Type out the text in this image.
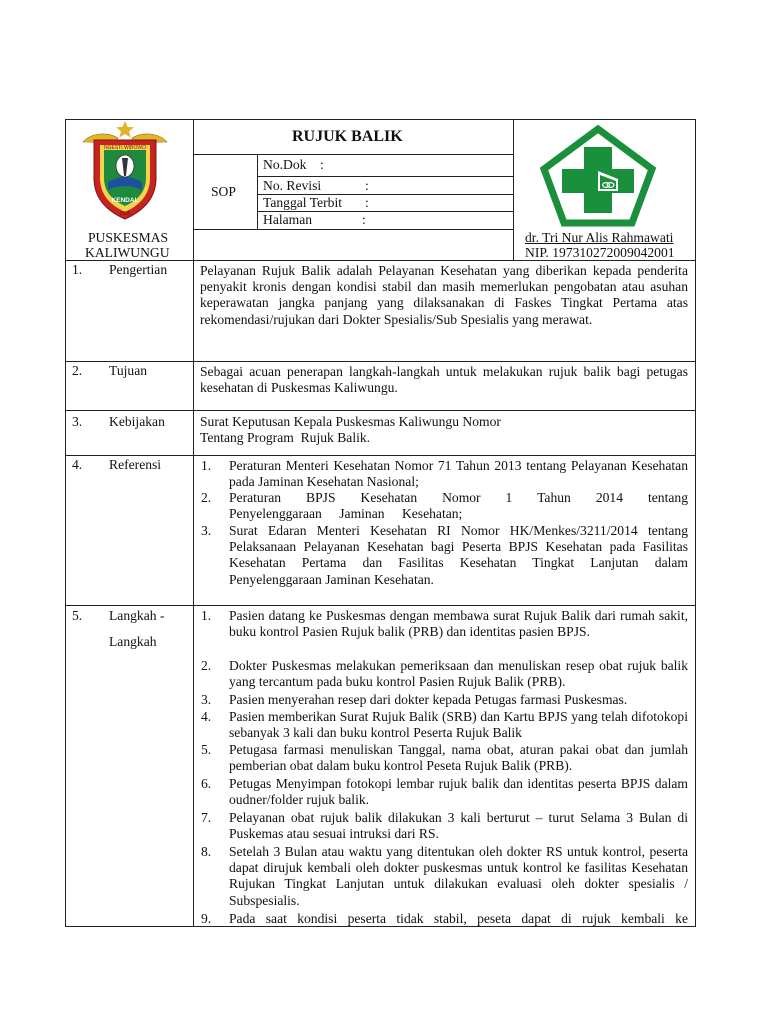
NGESTI WIBOWO
KENDAL
1605
RUJUK BALIK
SOP
No.Dok :
No. Revisi	:
Tanggal Terbit :
Halaman	:
PUSKESMAS
KALIWUNGU
dr. Tri Nur Alis Rahmawati
NIP. 197310272009042001
1. Pengertian Pelayanan Rujuk Balik adalah Pelayanan Kesehatan yang diberikan kepada penderita penyakit kronis dengan kondisi stabil dan masih memerlukan pengobatan atau asuhan keperawatan jangka panjang yang dilaksanakan di Faskes Tingkat Pertama atas rekomendasi/rujukan dari Dokter Spesialis/Sub Spesialis yang merawat.
2. Tujuan	Sebagai acuan penerapan langkah-langkah untuk melakukan rujuk balik bagi petugas kesehatan di Puskesmas Kaliwungu.
3. Kebijakan	Surat Keputusan Kepala Puskesmas Kaliwungu Nomor
Tentang Program  Rujuk Balik.
4. Referensi	1. Peraturan Menteri Kesehatan Nomor 71 Tahun 2013 tentang Pelayanan Kesehatan pada Jaminan Kesehatan Nasional;
2. Peraturan BPJS Kesehatan Nomor 1 Tahun 2014 tentang Penyelenggaraan Jaminan Kesehatan;
3. Surat Edaran Menteri Kesehatan RI Nomor HK/Menkes/3211/2014 tentang Pelaksanaan Pelayanan Kesehatan bagi Peserta BPJS Kesehatan pada Fasilitas Kesehatan Pertama dan Fasilitas Kesehatan Tingkat Lanjutan dalam Penyelenggaraan Jaminan Kesehatan.
5. Langkah -
Langkah
1. Pasien datang ke Puskesmas dengan membawa surat Rujuk Balik dari rumah sakit, buku kontrol Pasien Rujuk balik (PRB) dan identitas pasien BPJS.
2. Dokter Puskesmas melakukan pemeriksaan dan menuliskan resep obat rujuk balik yang tercantum pada buku kontrol Pasien Rujuk Balik (PRB).
3. Pasien menyerahan resep dari dokter kepada Petugas farmasi Puskesmas.
4. Pasien memberikan Surat Rujuk Balik (SRB) dan Kartu BPJS yang telah difotokopi sebanyak 3 kali dan buku kontrol Peserta Rujuk Balik
5. Petugasa farmasi menuliskan Tanggal, nama obat, aturan pakai obat dan jumlah pemberian obat dalam buku kontrol Peseta Rujuk Balik (PRB).
6. Petugas Menyimpan fotokopi lembar rujuk balik dan identitas peserta BPJS dalam oudner/folder rujuk balik.
7. Pelayanan obat rujuk balik dilakukan 3 kali berturut – turut Selama 3 Bulan di Puskemas atau sesuai intruksi dari RS.
8. Setelah 3 Bulan atau waktu yang ditentukan oleh dokter RS untuk kontrol, peserta dapat dirujuk kembali oleh dokter puskesmas untuk kontrol ke fasilitas Kesehatan Rujukan Tingkat Lanjutan untuk dilakukan evaluasi oleh dokter spesialis / Subspesialis.
9. Pada saat kondisi peserta tidak stabil, peseta dapat di rujuk kembali ke
